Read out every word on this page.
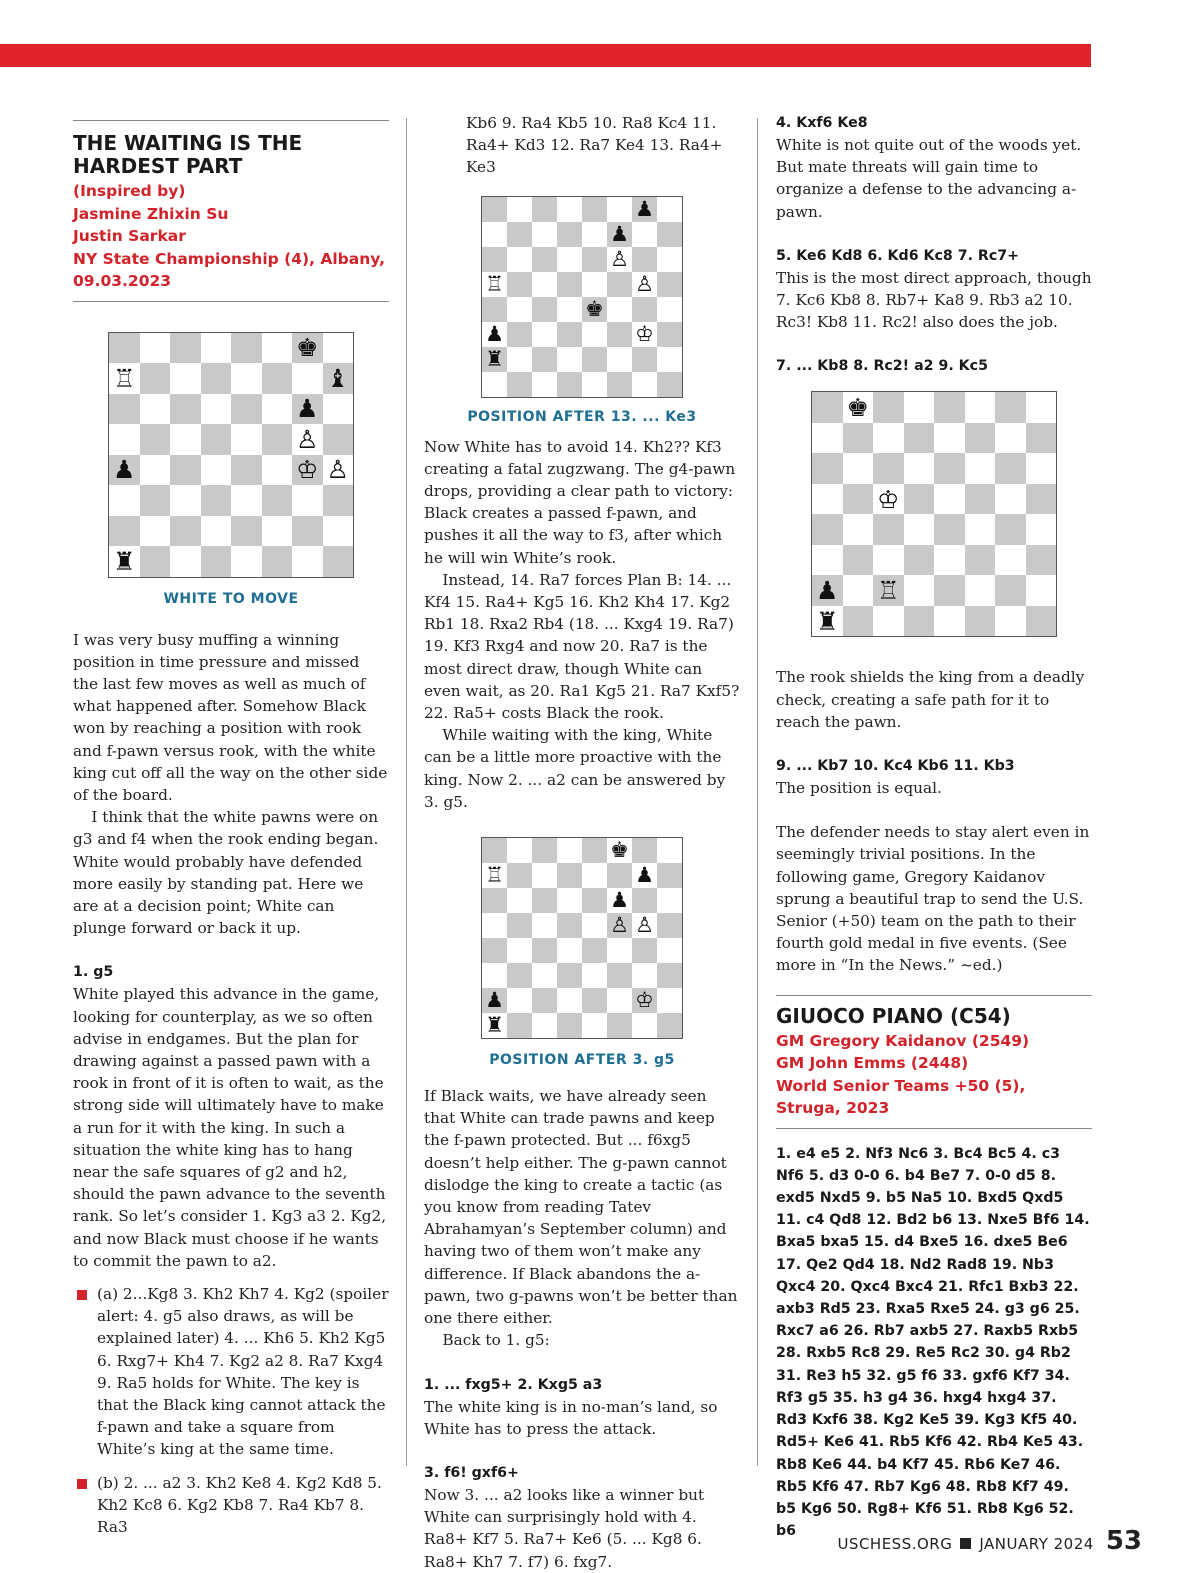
THE WAITING IS THE HARDEST PART
(Inspired by)
Jasmine Zhixin Su
Justin Sarkar
NY State Championship (4), Albany, 09.03.2023
♚
♖	♝
♟
♙
♟	♔ ♙
♜
WHITE TO MOVE

I was very busy muffing a winning position in time pressure and missed the last few moves as well as much of what happened after. Somehow Black won by reaching a position with rook and f-pawn versus rook, with the white king cut off all the way on the other side of the board.

I think that the white pawns were on g3 and f4 when the rook ending began. White would probably have defended more easily by standing pat. Here we are at a decision point; White can plunge forward or back it up.

1. g5

White played this advance in the game, looking for counterplay, as we so often advise in endgames. But the plan for drawing against a passed pawn with a rook in front of it is often to wait, as the strong side will ultimately have to make a run for it with the king. In such a situation the white king has to hang near the safe squares of g2 and h2, should the pawn advance to the seventh rank. So let’s consider 1. Kg3 a3 2. Kg2, and now Black must choose if he wants to commit the pawn to a2.

(a) 2...Kg8 3. Kh2 Kh7 4. Kg2 (spoiler alert: 4. g5 also draws, as will be explained later) 4. ... Kh6 5. Kh2 Kg5 6. Rxg7+ Kh4 7. Kg2 a2 8. Ra7 Kxg4 9. Ra5 holds for White. The key is that the Black king cannot attack the f-pawn and take a square from White’s king at the same time.
(b) 2. ... a2 3. Kh2 Ke8 4. Kg2 Kd8 5. Kh2 Kc8 6. Kg2 Kb8 7. Ra4 Kb7 8. Ra3

Kb6 9. Ra4 Kb5 10. Ra8 Kc4 11. Ra4+ Kd3 12. Ra7 Ke4 13. Ra4+ Ke3

♟
♟
♙
♖	♙
♚
♟	♔
♜
POSITION AFTER 13. ... Ke3

Now White has to avoid 14. Kh2?? Kf3 creating a fatal zugzwang. The g4-pawn drops, providing a clear path to victory: Black creates a passed f-pawn, and pushes it all the way to f3, after which he will win White’s rook.

Instead, 14. Ra7 forces Plan B: 14. ... Kf4 15. Ra4+ Kg5 16. Kh2 Kh4 17. Kg2 Rb1 18. Rxa2 Rb4 (18. ... Kxg4 19. Ra7) 19. Kf3 Rxg4 and now 20. Ra7 is the most direct draw, though White can even wait, as 20. Ra1 Kg5 21. Ra7 Kxf5? 22. Ra5+ costs Black the rook.

While waiting with the king, White can be a little more proactive with the king. Now 2. ... a2 can be answered by 3. g5.

♚
♖	♟
♟
♙ ♙
♟	♔
♜
POSITION AFTER 3. g5

If Black waits, we have already seen that White can trade pawns and keep the f-pawn protected. But ... f6xg5 doesn’t help either. The g-pawn cannot dislodge the king to create a tactic (as you know from reading Tatev Abrahamyan’s September column) and having two of them won’t make any difference. If Black abandons the a-pawn, two g-pawns won’t be better than one there either.

Back to 1. g5:

1. ... fxg5+ 2. Kxg5 a3

The white king is in no-man’s land, so White has to press the attack.

3. f6! gxf6+

Now 3. ... a2 looks like a winner but White can surprisingly hold with 4. Ra8+ Kf7 5. Ra7+ Ke6 (5. ... Kg8 6. Ra8+ Kh7 7. f7) 6. fxg7.

4. Kxf6 Ke8

White is not quite out of the woods yet. But mate threats will gain time to organize a defense to the advancing a-pawn.

5. Ke6 Kd8 6. Kd6 Kc8 7. Rc7+

This is the most direct approach, though 7. Kc6 Kb8 8. Rb7+ Ka8 9. Rb3 a2 10. Rc3! Kb8 11. Rc2! also does the job.

7. ... Kb8 8. Rc2! a2 9. Kc5
♚
♔
♟ ♖
♜

The rook shields the king from a deadly check, creating a safe path for it to reach the pawn.

9. ... Kb7 10. Kc4 Kb6 11. Kb3

The position is equal.

The defender needs to stay alert even in seemingly trivial positions. In the following game, Gregory Kaidanov sprung a beautiful trap to send the U.S. Senior (+50) team on the path to their fourth gold medal in five events. (See more in “In the News.” ~ed.)

GIUOCO PIANO (C54)
GM Gregory Kaidanov (2549)
GM John Emms (2448)
World Senior Teams +50 (5), Struga, 2023
1. e4 e5 2. Nf3 Nc6 3. Bc4 Bc5 4. c3 Nf6 5. d3 0-0 6. b4 Be7 7. 0-0 d5 8. exd5 Nxd5 9. b5 Na5 10. Bxd5 Qxd5 11. c4 Qd8 12. Bd2 b6 13. Nxe5 Bf6 14. Bxa5 bxa5 15. d4 Bxe5 16. dxe5 Be6 17. Qe2 Qd4 18. Nd2 Rad8 19. Nb3 Qxc4 20. Qxc4 Bxc4 21. Rfc1 Bxb3 22. axb3 Rd5 23. Rxa5 Rxe5 24. g3 g6 25. Rxc7 a6 26. Rb7 axb5 27. Raxb5 Rxb5 28. Rxb5 Rc8 29. Re5 Rc2 30. g4 Rb2 31. Re3 h5 32. g5 f6 33. gxf6 Kf7 34. Rf3 g5 35. h3 g4 36. hxg4 hxg4 37. Rd3 Kxf6 38. Kg2 Ke5 39. Kg3 Kf5 40. Rd5+ Ke6 41. Rb5 Kf6 42. Rb4 Ke5 43. Rb8 Ke6 44. b4 Kf7 45. Rb6 Ke7 46. Rb5 Kf6 47. Rb7 Kg6 48. Rb8 Kf7 49. b5 Kg6 50. Rg8+ Kf6 51. Rb8 Kg6 52. b6
USCHESS.ORG JANUARY 2024 53
